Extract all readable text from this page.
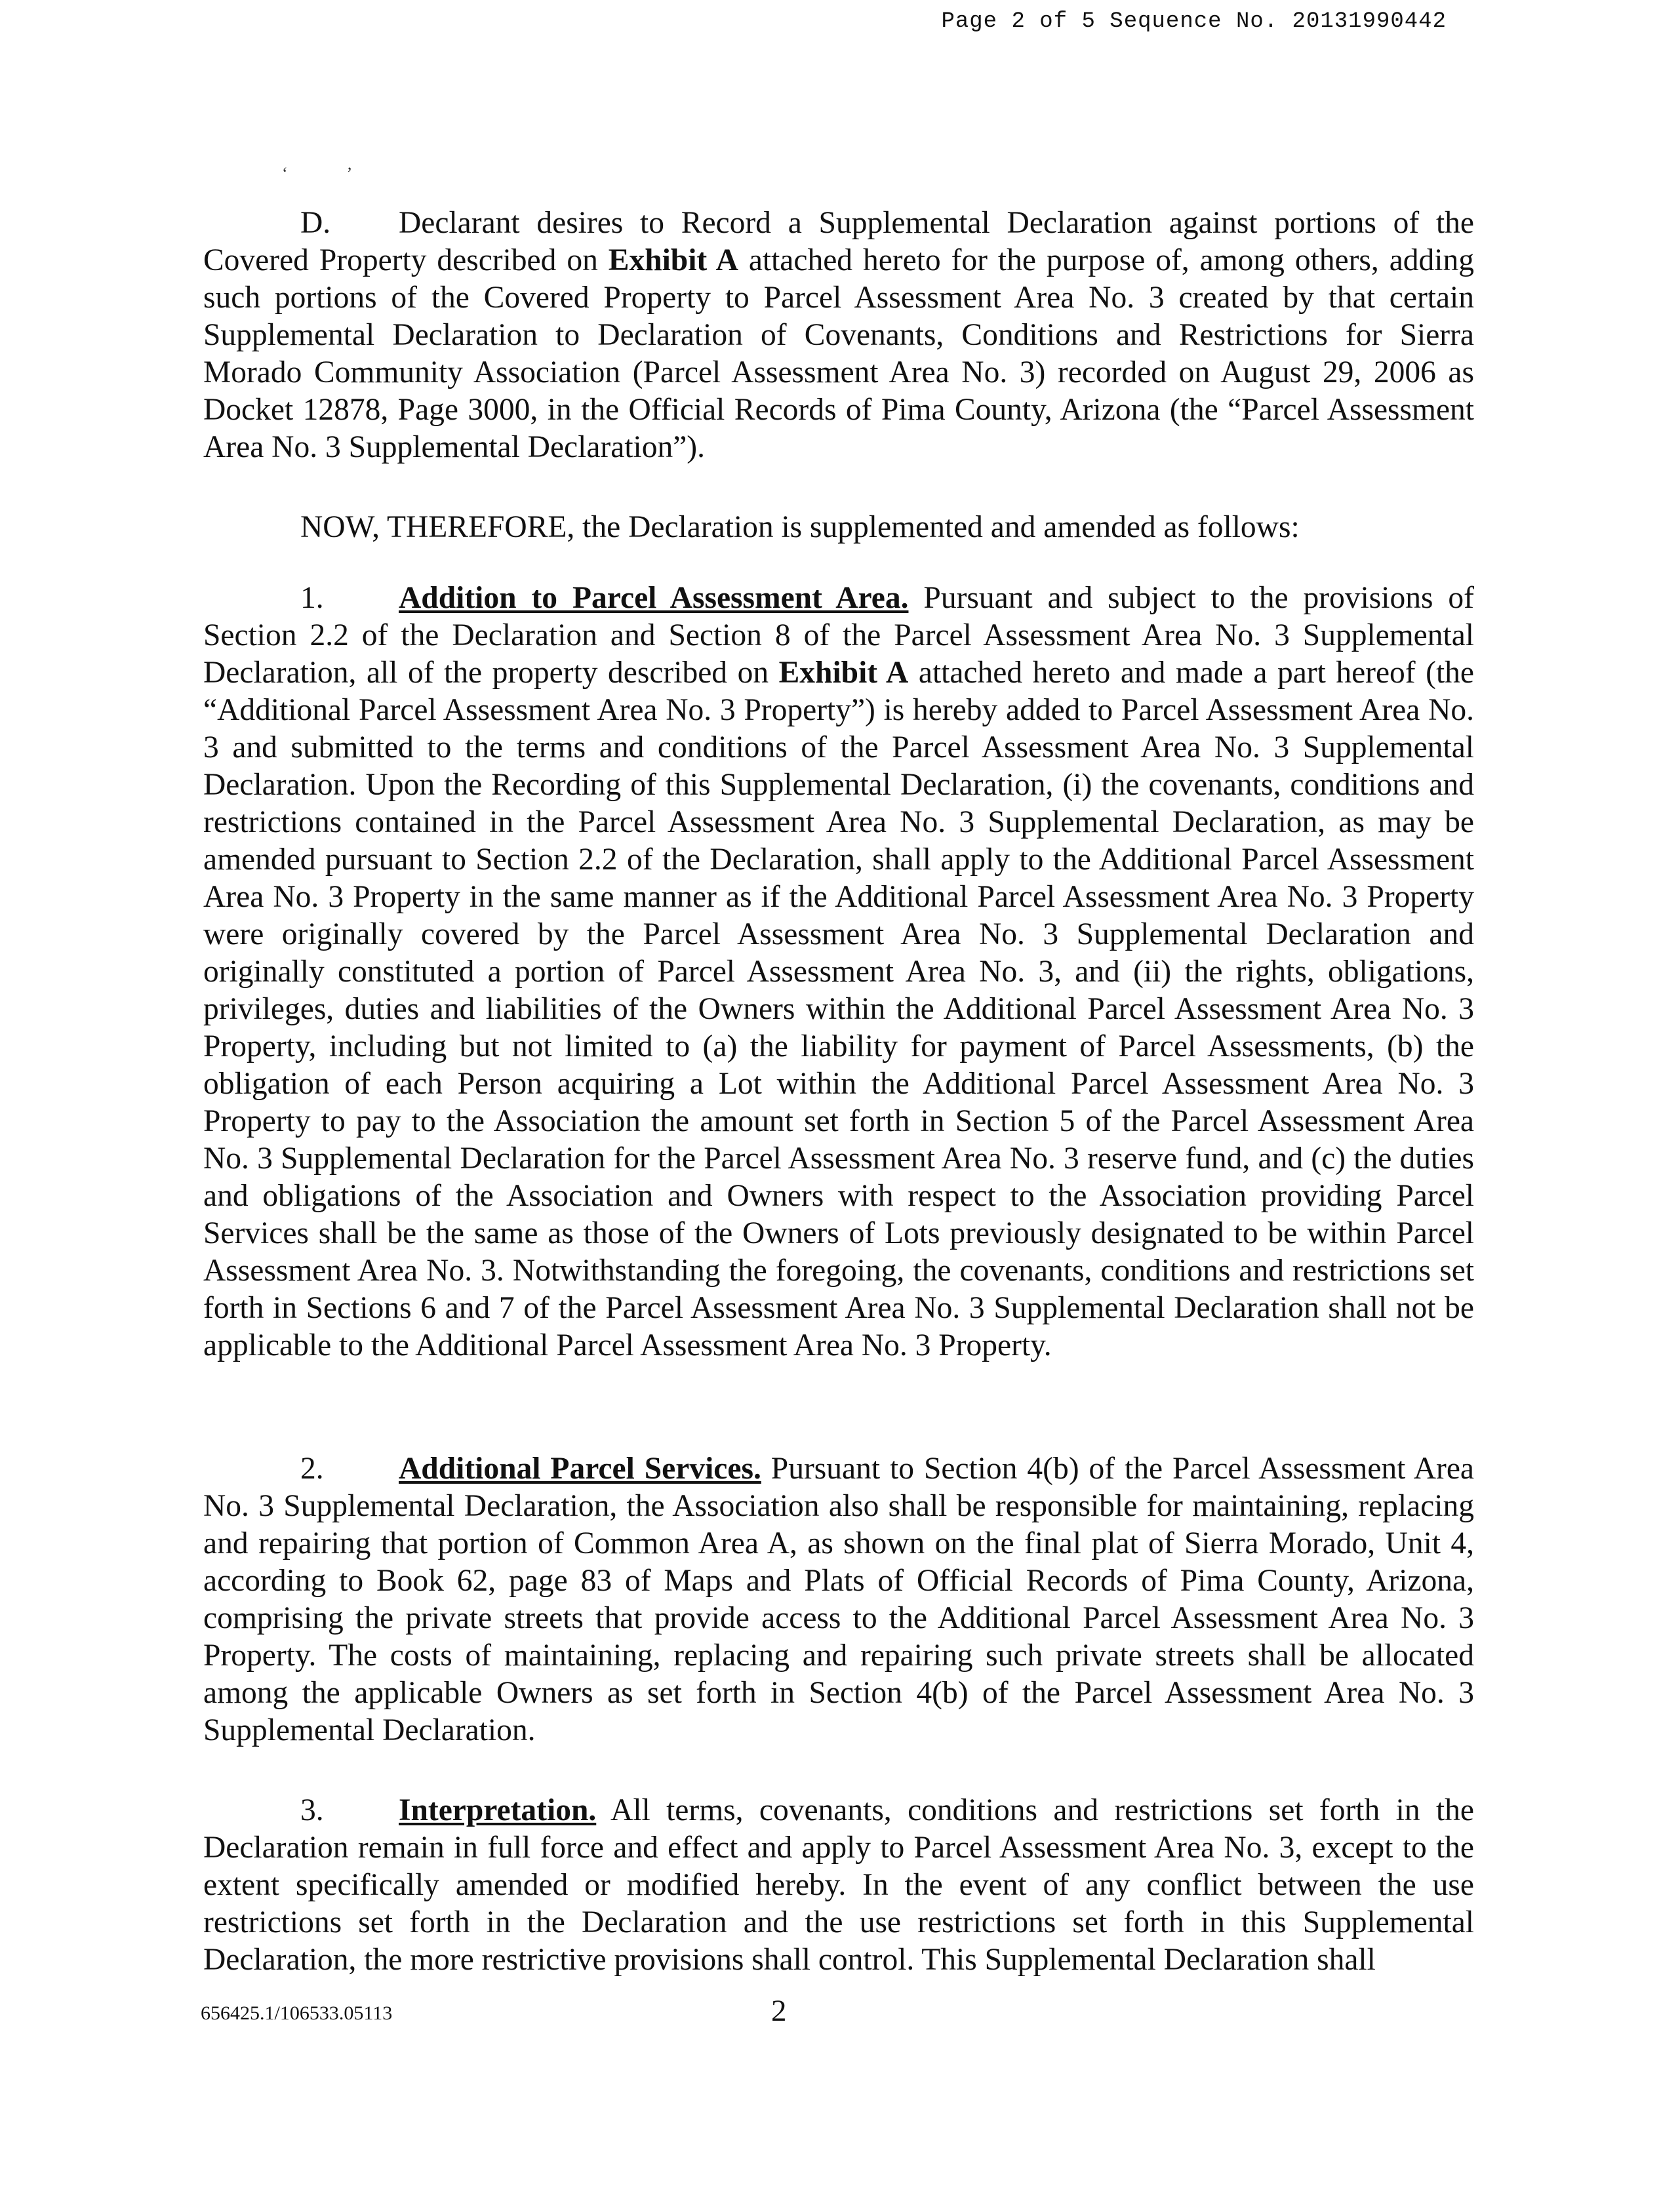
Page 2 of 5 Sequence No. 20131990442
‘’

D. Declarant desires to Record a Supplemental Declaration against portions of the Covered Property described on Exhibit A attached hereto for the purpose of, among others, adding such portions of the Covered Property to Parcel Assessment Area No. 3 created by that certain Supplemental Declaration to Declaration of Covenants, Conditions and Restrictions for Sierra Morado Community Association (Parcel Assessment Area No. 3) recorded on August 29, 2006 as Docket 12878, Page 3000, in the Official Records of Pima County, Arizona (the “Parcel Assessment Area No. 3 Supplemental Declaration”).

NOW, THEREFORE, the Declaration is supplemented and amended as follows:

1. Addition to Parcel Assessment Area. Pursuant and subject to the provisions of Section 2.2 of the Declaration and Section 8 of the Parcel Assessment Area No. 3 Supplemental Declaration, all of the property described on Exhibit A attached hereto and made a part hereof (the “Additional Parcel Assessment Area No. 3 Property”) is hereby added to Parcel Assessment Area No. 3 and submitted to the terms and conditions of the Parcel Assessment Area No. 3 Supplemental Declaration. Upon the Recording of this Supplemental Declaration, (i) the covenants, conditions and restrictions contained in the Parcel Assessment Area No. 3 Supplemental Declaration, as may be amended pursuant to Section 2.2 of the Declaration, shall apply to the Additional Parcel Assessment Area No. 3 Property in the same manner as if the Additional Parcel Assessment Area No. 3 Property were originally covered by the Parcel Assessment Area No. 3 Supplemental Declaration and originally constituted a portion of Parcel Assessment Area No. 3, and (ii) the rights, obligations, privileges, duties and liabilities of the Owners within the Additional Parcel Assessment Area No. 3 Property, including but not limited to (a) the liability for payment of Parcel Assessments, (b) the obligation of each Person acquiring a Lot within the Additional Parcel Assessment Area No. 3 Property to pay to the Association the amount set forth in Section 5 of the Parcel Assessment Area No. 3 Supplemental Declaration for the Parcel Assessment Area No. 3 reserve fund, and (c) the duties and obligations of the Association and Owners with respect to the Association providing Parcel Services shall be the same as those of the Owners of Lots previously designated to be within Parcel Assessment Area No. 3. Notwithstanding the foregoing, the covenants, conditions and restrictions set forth in Sections 6 and 7 of the Parcel Assessment Area No. 3 Supplemental Declaration shall not be applicable to the Additional Parcel Assessment Area No. 3 Property.

2. Additional Parcel Services. Pursuant to Section 4(b) of the Parcel Assessment Area No. 3 Supplemental Declaration, the Association also shall be responsible for maintaining, replacing and repairing that portion of Common Area A, as shown on the final plat of Sierra Morado, Unit 4, according to Book 62, page 83 of Maps and Plats of Official Records of Pima County, Arizona, comprising the private streets that provide access to the Additional Parcel Assessment Area No. 3 Property. The costs of maintaining, replacing and repairing such private streets shall be allocated among the applicable Owners as set forth in Section 4(b) of the Parcel Assessment Area No. 3 Supplemental Declaration.

3. Interpretation. All terms, covenants, conditions and restrictions set forth in the Declaration remain in full force and effect and apply to Parcel Assessment Area No. 3, except to the extent specifically amended or modified hereby. In the event of any conflict between the use restrictions set forth in the Declaration and the use restrictions set forth in this Supplemental Declaration, the more restrictive provisions shall control. This Supplemental Declaration shall

656425.1/106533.05113	2
